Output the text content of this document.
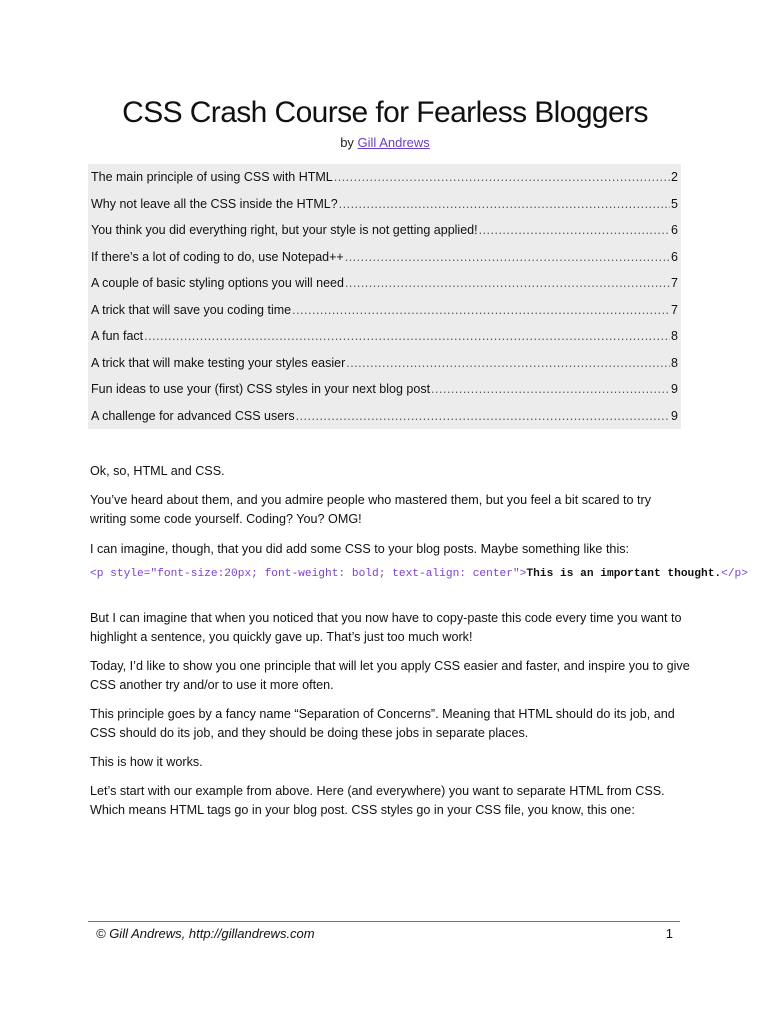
CSS Crash Course for Fearless Bloggers
by Gill Andrews
The main principle of using CSS with HTML .....	2
Why not leave all the CSS inside the HTML? .....	5
You think you did everything right, but your style is not getting applied! .....	6
If there’s a lot of coding to do, use Notepad++ .....	6
A couple of basic styling options you will need .....	7
A trick that will save you coding time .....	7
A fun fact .....	8
A trick that will make testing your styles easier .....	8
Fun ideas to use your (first) CSS styles in your next blog post .....	9
A challenge for advanced CSS users .....	9

Ok, so, HTML and CSS.

You’ve heard about them, and you admire people who mastered them, but you feel a bit scared to try writing some code yourself. Coding? You? OMG!

I can imagine, though, that you did add some CSS to your blog posts. Maybe something like this:

<p style="font-size:20px; font-weight: bold; text-align: center">This is an important thought.</p>

But I can imagine that when you noticed that you now have to copy-paste this code every time you want to highlight a sentence, you quickly gave up. That’s just too much work!

Today, I’d like to show you one principle that will let you apply CSS easier and faster, and inspire you to give CSS another try and/or to use it more often.

This principle goes by a fancy name “Separation of Concerns”. Meaning that HTML should do its job, and CSS should do its job, and they should be doing these jobs in separate places.

This is how it works.

Let’s start with our example from above. Here (and everywhere) you want to separate HTML from CSS. Which means HTML tags go in your blog post. CSS styles go in your CSS file, you know, this one:

© Gill Andrews, http://gillandrews.com	1
